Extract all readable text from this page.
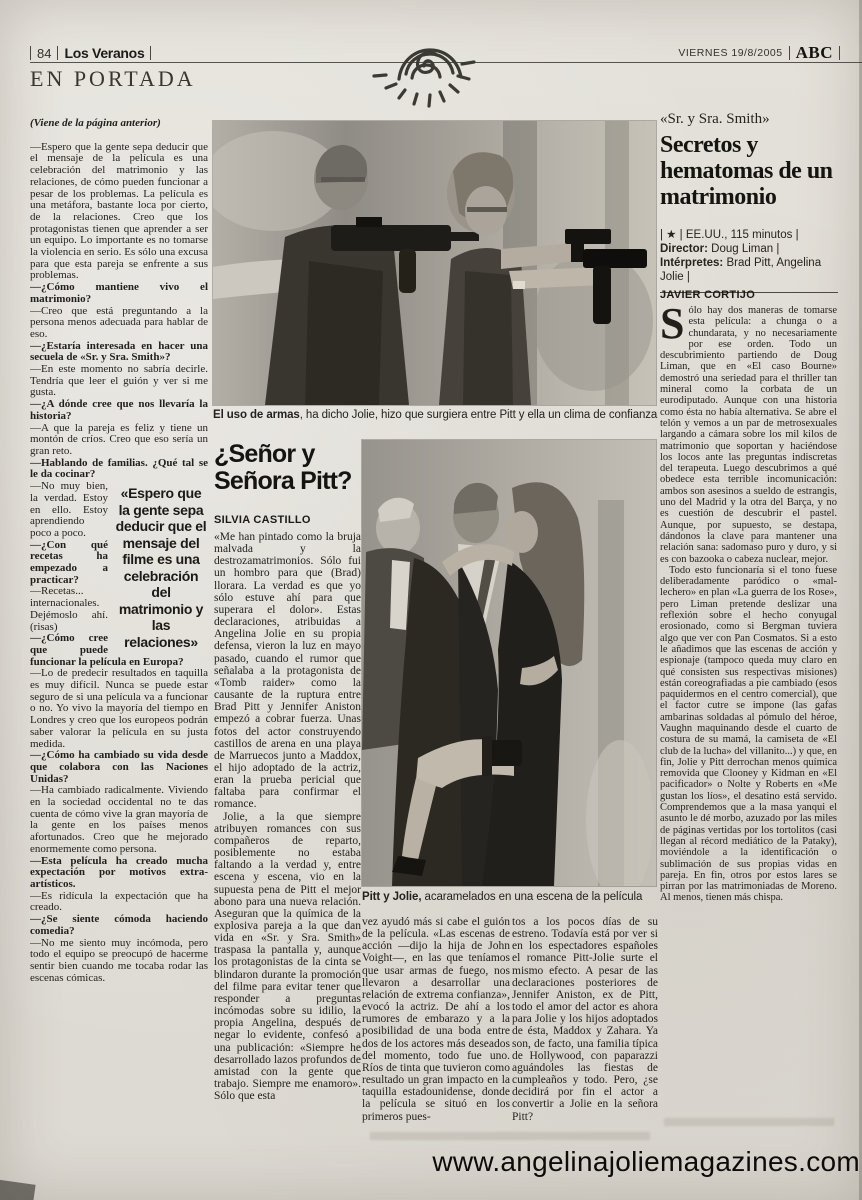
84 Los Veranos	VIERNES 19/8/2005 ABC
EN PORTADA

(Viene de la página anterior)

—Espero que la gente sepa deducir que el mensaje de la película es una celebración del matrimonio y las relaciones, de cómo pueden funcionar a pesar de los problemas. La película es una metáfora, bastante loca por cierto, de la relaciones. Creo que los protagonistas tienen que aprender a ser un equipo. Lo importante es no tomarse la violencia en serio. Es sólo una excusa para que esta pareja se enfrente a sus problemas.

—¿Cómo mantiene vivo el matrimonio?

—Creo que está preguntando a la persona menos adecuada para hablar de eso.

—¿Estaría interesada en hacer una secuela de «Sr. y Sra. Smith»?

—En este momento no sabría decirle. Tendría que leer el guión y ver si me gusta.

—¿A dónde cree que nos llevaría la historia?

—A que la pareja es feliz y tiene un montón de críos. Creo que eso sería un gran reto.

—Hablando de familias. ¿Qué tal se le da cocinar?

«Espero que la gente sepa deducir que el mensaje del filme es una celebración del matrimonio y las relaciones»

—No muy bien, la verdad. Estoy en ello. Estoy aprendiendo poco a poco.

—¿Con qué recetas ha empezado a practicar?

—Recetas... internacionales. Dejémoslo ahí. (risas)

—¿Cómo cree que puede funcionar la película en Europa?

—Lo de predecir resultados en taquilla es muy difícil. Nunca se puede estar seguro de si una película va a funcionar o no. Yo vivo la mayoría del tiempo en Londres y creo que los europeos podrán saber valorar la película en su justa medida.

—¿Cómo ha cambiado su vida desde que colabora con las Naciones Unidas?

—Ha cambiado radicalmente. Viviendo en la sociedad occidental no te das cuenta de cómo vive la gran mayoría de la gente en los países menos afortunados. Creo que he mejorado enormemente como persona.

—Esta película ha creado mucha expectación por motivos extra-artísticos.

—Es ridícula la expectación que ha creado.

—¿Se siente cómoda haciendo comedia?

—No me siento muy incómoda, pero todo el equipo se preocupó de hacerme sentir bien cuando me tocaba rodar las escenas cómicas.

El uso de armas, ha dicho Jolie, hizo que surgiera entre Pitt y ella un clima de confianza
¿Señor y Señora Pitt?
SILVIA CASTILLO

«Me han pintado como la bruja malvada y la destrozamatrimonios. Sólo fui un hombro para que (Brad) llorara. La verdad es que yo sólo estuve ahí para que superara el dolor». Estas declaraciones, atribuidas a Angelina Jolie en su propia defensa, vieron la luz en mayo pasado, cuando el rumor que señalaba a la protagonista de «Tomb raider» como la causante de la ruptura entre Brad Pitt y Jennifer Aniston empezó a cobrar fuerza. Unas fotos del actor construyendo castillos de arena en una playa de Marruecos junto a Maddox, el hijo adoptado de la actriz, eran la prueba pericial que faltaba para confirmar el romance.

Jolie, a la que siempre atribuyen romances con sus compañeros de reparto, posiblemente no estaba faltando a la verdad y, entre escena y escena, vio en la supuesta pena de Pitt el mejor abono para una nueva relación. Aseguran que la química de la explosiva pareja a la que dan vida en «Sr. y Sra. Smith» traspasa la pantalla y, aunque los protagonistas de la cinta se blindaron durante la promoción del filme para evitar tener que responder a preguntas incómodas sobre su idilio, la propia Angelina, después de negar lo evidente, confesó a una publicación: «Siempre he desarrollado lazos profundos de amistad con la gente que trabajo. Siempre me enamoro». Sólo que esta

Pitt y Jolie, acaramelados en una escena de la película

vez ayudó más si cabe el guión de la película. «Las escenas de acción —dijo la hija de John Voight—, en las que teníamos que usar armas de fuego, nos llevaron a desarrollar una relación de extrema confianza», evocó la actriz. De ahí a los rumores de embarazo y a la posibilidad de una boda entre dos de los actores más deseados del momento, todo fue uno. Ríos de tinta que tuvieron como resultado un gran impacto en la taquilla estadounidense, donde la película se situó en los primeros pues-

tos a los pocos días de su estreno. Todavía está por ver si en los espectadores españoles el romance Pitt-Jolie surte el mismo efecto. A pesar de las declaraciones posteriores de Jennifer Aniston, ex de Pitt, todo el amor del actor es ahora para Jolie y los hijos adoptados de ésta, Maddox y Zahara. Ya son, de facto, una familia típica de Hollywood, con paparazzi aguándoles las fiestas de cumpleaños y todo. Pero, ¿se decidirá por fin el actor a convertir a Jolie en la señora Pitt?

«Sr. y Sra. Smith»
Secretos y hematomas de un matrimonio
| ★ | EE.UU., 115 minutos | Director: Doug Liman | Intérpretes: Brad Pitt, Angelina Jolie |
JAVIER CORTIJO

Sólo hay dos maneras de tomarse esta película: a chunga o a chundarata, y no necesariamente por ese orden. Todo un descubrimiento partiendo de Doug Liman, que en «El caso Bourne» demostró una seriedad para el thriller tan mineral como la corbata de un eurodiputado. Aunque con una historia como ésta no había alternativa. Se abre el telón y vemos a un par de metrosexuales largando a cámara sobre los mil kilos de matrimonio que soportan y haciéndose los locos ante las preguntas indiscretas del terapeuta. Luego descubrimos a qué obedece esta terrible incomunicación: ambos son asesinos a sueldo de estrangis, uno del Madrid y la otra del Barça, y no es cuestión de descubrir el pastel. Aunque, por supuesto, se destapa, dándonos la clave para mantener una relación sana: sadomaso puro y duro, y si es con bazooka o cabeza nuclear, mejor.

Todo esto funcionaría si el tono fuese deliberadamente paródico o «mal-lechero» en plan «La guerra de los Rose», pero Liman pretende deslizar una reflexión sobre el hecho conyugal erosionado, como si Bergman tuviera algo que ver con Pan Cosmatos. Si a esto le añadimos que las escenas de acción y espionaje (tampoco queda muy claro en qué consisten sus respectivas misiones) están coreografiadas a pie cambiado (esos paquidermos en el centro comercial), que el factor cutre se impone (las gafas ambarinas soldadas al pómulo del héroe, Vaughn maquinando desde el cuarto de costura de su mamá, la camiseta de «El club de la lucha» del villanito...) y que, en fin, Jolie y Pitt derrochan menos química removida que Clooney y Kidman en «El pacificador» o Nolte y Roberts en «Me gustan los líos», el desatino está servido. Comprendemos que a la masa yanqui el asunto le dé morbo, azuzado por las miles de páginas vertidas por los tortolitos (casi llegan al récord mediático de la Pataky), moviéndole a la identificación o sublimación de sus propias vidas en pareja. En fin, otros por estos lares se pirran por las matrimoniadas de Moreno. Al menos, tienen más chispa.

www.angelinajoliemagazines.com
